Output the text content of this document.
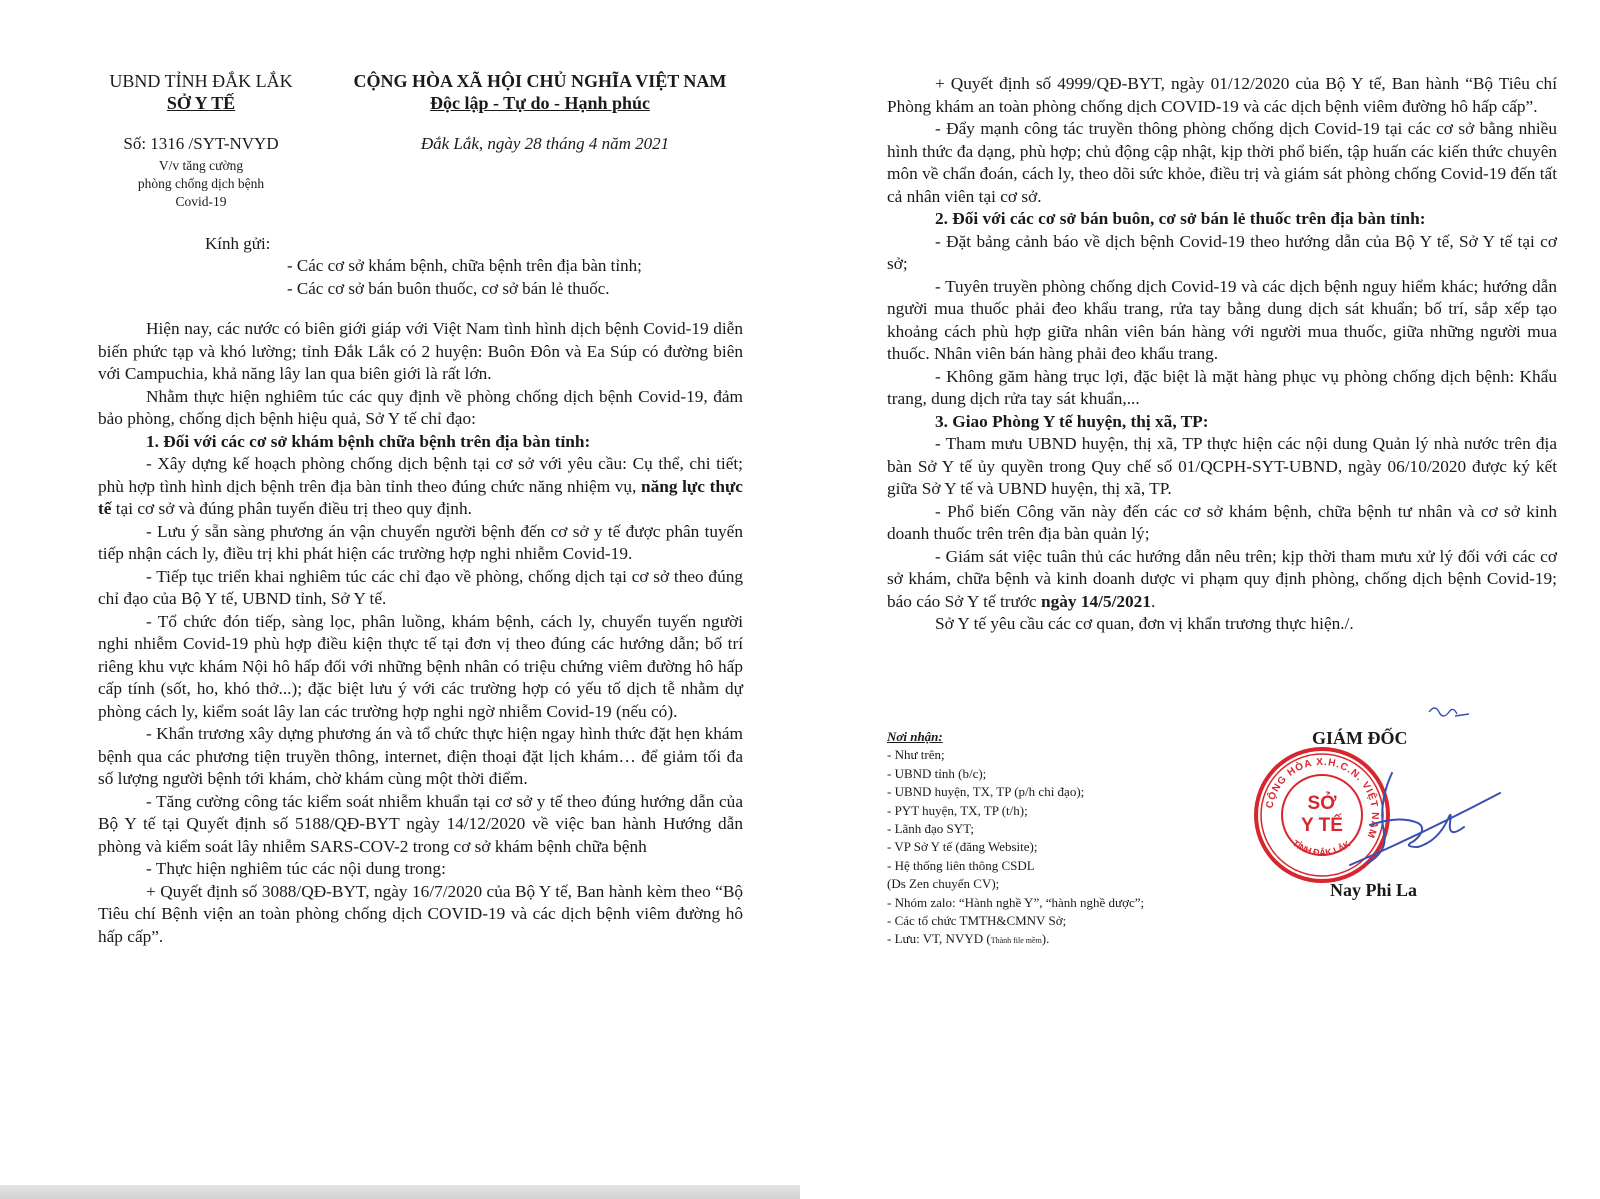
UBND TỈNH ĐẮK LẮK
SỞ Y TẾ
CỘNG HÒA XÃ HỘI CHỦ NGHĨA VIỆT NAM
Độc lập - Tự do - Hạnh phúc
Số: 1316 /SYT-NVYD
V/v tăng cường
phòng chống dịch bệnh
Covid-19
Đắk Lắk, ngày 28 tháng 4 năm 2021
Kính gửi:
- Các cơ sở khám bệnh, chữa bệnh trên địa bàn tỉnh;
- Các cơ sở bán buôn thuốc, cơ sở bán lẻ thuốc.

Hiện nay, các nước có biên giới giáp với Việt Nam tình hình dịch bệnh Covid-19 diễn biến phức tạp và khó lường; tỉnh Đắk Lắk có 2 huyện: Buôn Đôn và Ea Súp có đường biên với Campuchia, khả năng lây lan qua biên giới là rất lớn.

Nhằm thực hiện nghiêm túc các quy định về phòng chống dịch bệnh Covid-19, đảm bảo phòng, chống dịch bệnh hiệu quả, Sở Y tế chỉ đạo:

1. Đối với các cơ sở khám bệnh chữa bệnh trên địa bàn tỉnh:

- Xây dựng kế hoạch phòng chống dịch bệnh tại cơ sở với yêu cầu: Cụ thể, chi tiết; phù hợp tình hình dịch bệnh trên địa bàn tỉnh theo đúng chức năng nhiệm vụ, năng lực thực tế tại cơ sở và đúng phân tuyến điều trị theo quy định.

- Lưu ý sẵn sàng phương án vận chuyển người bệnh đến cơ sở y tế được phân tuyến tiếp nhận cách ly, điều trị khi phát hiện các trường hợp nghi nhiễm Covid-19.

- Tiếp tục triển khai nghiêm túc các chỉ đạo về phòng, chống dịch tại cơ sở theo đúng chỉ đạo của Bộ Y tế, UBND tỉnh, Sở Y tế.

- Tổ chức đón tiếp, sàng lọc, phân luồng, khám bệnh, cách ly, chuyển tuyến người nghi nhiễm Covid-19 phù hợp điều kiện thực tế tại đơn vị theo đúng các hướng dẫn; bố trí riêng khu vực khám Nội hô hấp đối với những bệnh nhân có triệu chứng viêm đường hô hấp cấp tính (sốt, ho, khó thở...); đặc biệt lưu ý với các trường hợp có yếu tố dịch tễ nhằm dự phòng cách ly, kiểm soát lây lan các trường hợp nghi ngờ nhiễm Covid-19 (nếu có).

- Khẩn trương xây dựng phương án và tổ chức thực hiện ngay hình thức đặt hẹn khám bệnh qua các phương tiện truyền thông, internet, điện thoại đặt lịch khám… để giảm tối đa số lượng người bệnh tới khám, chờ khám cùng một thời điểm.

- Tăng cường công tác kiểm soát nhiễm khuẩn tại cơ sở y tế theo đúng hướng dẫn của Bộ Y tế tại Quyết định số 5188/QĐ-BYT ngày 14/12/2020 về việc ban hành Hướng dẫn phòng và kiểm soát lây nhiễm SARS-COV-2 trong cơ sở khám bệnh chữa bệnh

- Thực hiện nghiêm túc các nội dung trong:

+ Quyết định số 3088/QĐ-BYT, ngày 16/7/2020 của Bộ Y tế, Ban hành kèm theo “Bộ Tiêu chí Bệnh viện an toàn phòng chống dịch COVID-19 và các dịch bệnh viêm đường hô hấp cấp”.

+ Quyết định số 4999/QĐ-BYT, ngày 01/12/2020 của Bộ Y tế, Ban hành “Bộ Tiêu chí Phòng khám an toàn phòng chống dịch COVID-19 và các dịch bệnh viêm đường hô hấp cấp”.

- Đẩy mạnh công tác truyền thông phòng chống dịch Covid-19 tại các cơ sở bằng nhiều hình thức đa dạng, phù hợp; chủ động cập nhật, kịp thời phổ biến, tập huấn các kiến thức chuyên môn về chẩn đoán, cách ly, theo dõi sức khỏe, điều trị và giám sát phòng chống Covid-19 đến tất cả nhân viên tại cơ sở.

2. Đối với các cơ sở bán buôn, cơ sở bán lẻ thuốc trên địa bàn tỉnh:

- Đặt bảng cảnh báo về dịch bệnh Covid-19 theo hướng dẫn của Bộ Y tế, Sở Y tế tại cơ sở;

- Tuyên truyền phòng chống dịch Covid-19 và các dịch bệnh nguy hiểm khác; hướng dẫn người mua thuốc phải đeo khẩu trang, rửa tay bằng dung dịch sát khuẩn; bố trí, sắp xếp tạo khoảng cách phù hợp giữa nhân viên bán hàng với người mua thuốc, giữa những người mua thuốc. Nhân viên bán hàng phải đeo khẩu trang.

- Không găm hàng trục lợi, đặc biệt là mặt hàng phục vụ phòng chống dịch bệnh: Khẩu trang, dung dịch rửa tay sát khuẩn,...

3. Giao Phòng Y tế huyện, thị xã, TP:

- Tham mưu UBND huyện, thị xã, TP thực hiện các nội dung Quản lý nhà nước trên địa bàn Sở Y tế ủy quyền trong Quy chế số 01/QCPH-SYT-UBND, ngày 06/10/2020 được ký kết giữa Sở Y tế và UBND huyện, thị xã, TP.

- Phổ biến Công văn này đến các cơ sở khám bệnh, chữa bệnh tư nhân và cơ sở kinh doanh thuốc trên trên địa bàn quản lý;

- Giám sát việc tuân thủ các hướng dẫn nêu trên; kịp thời tham mưu xử lý đối với các cơ sở khám, chữa bệnh và kinh doanh dược vi phạm quy định phòng, chống dịch bệnh Covid-19; báo cáo Sở Y tế trước ngày 14/5/2021.

Sở Y tế yêu cầu các cơ quan, đơn vị khẩn trương thực hiện./.

Nơi nhận:
- Như trên;
- UBND tỉnh (b/c);
- UBND huyện, TX, TP (p/h chỉ đạo);
- PYT huyện, TX, TP (t/h);
- Lãnh đạo SYT;
- VP Sở Y tế (đăng Website);
- Hệ thống liên thông CSDL
(Ds Zen chuyển CV);
- Nhóm zalo: “Hành nghề Y”, “hành nghề dược”;
- Các tổ chức TMTH&CMNV Sở;
- Lưu: VT, NVYD (Thành file mềm).
GIÁM ĐỐC
CỘNG HÒA X.H.C.N. VIỆT NAM
TỈNH ĐẮK LẮK
SỞ
Y TẾ
Nay Phi La
